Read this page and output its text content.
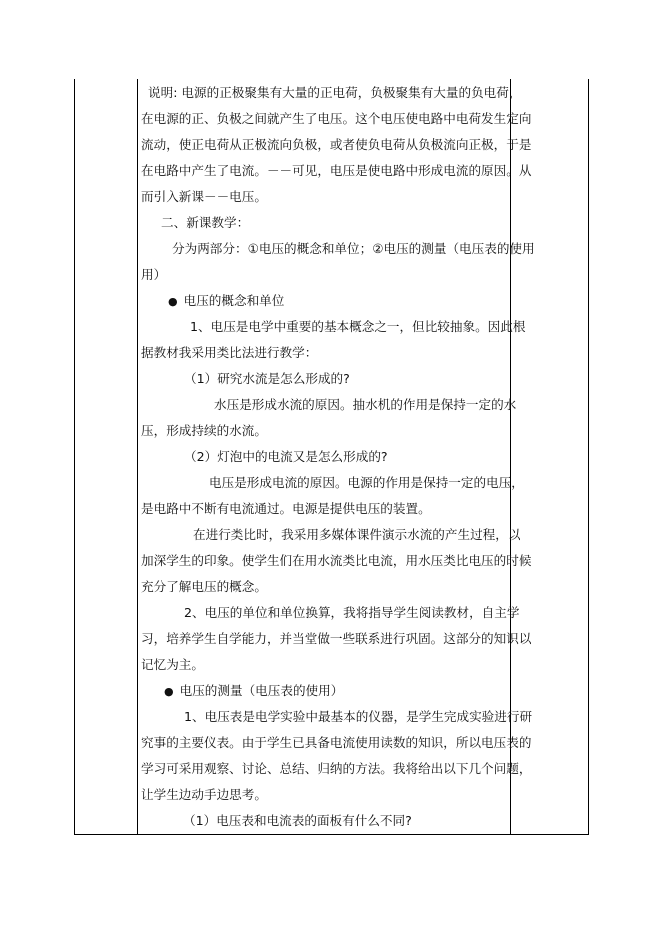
说明: 电源的正极聚集有大量的正电荷，负极聚集有大量的负电荷，
在电源的正、负极之间就产生了电压。这个电压使电路中电荷发生定向
流动，使正电荷从正极流向负极，或者使负电荷从负极流向正极，于是
在电路中产生了电流。－－可见，电压是使电路中形成电流的原因。从
而引入新课－－电压。
二、新课教学：
分为两部分：①电压的概念和单位；②电压的测量（电压表的使用
用）
● 电压的概念和单位
1、电压是电学中重要的基本概念之一，但比较抽象。因此根
据教材我采用类比法进行教学：
（1）研究水流是怎么形成的?
水压是形成水流的原因。抽水机的作用是保持一定的水
压，形成持续的水流。
（2）灯泡中的电流又是怎么形成的?
电压是形成电流的原因。电源的作用是保持一定的电压，
是电路中不断有电流通过。电源是提供电压的装置。
在进行类比时，我采用多媒体课件演示水流的产生过程，以
加深学生的印象。使学生们在用水流类比电流，用水压类比电压的时候
充分了解电压的概念。
2、电压的单位和单位换算，我将指导学生阅读教材，自主学
习，培养学生自学能力，并当堂做一些联系进行巩固。这部分的知识以
记忆为主。
● 电压的测量（电压表的使用）
1、电压表是电学实验中最基本的仪器，是学生完成实验进行研
究事的主要仪表。由于学生已具备电流使用读数的知识，所以电压表的
学习可采用观察、讨论、总结、归纳的方法。我将给出以下几个问题，
让学生边动手边思考。
（1）电压表和电流表的面板有什么不同?
